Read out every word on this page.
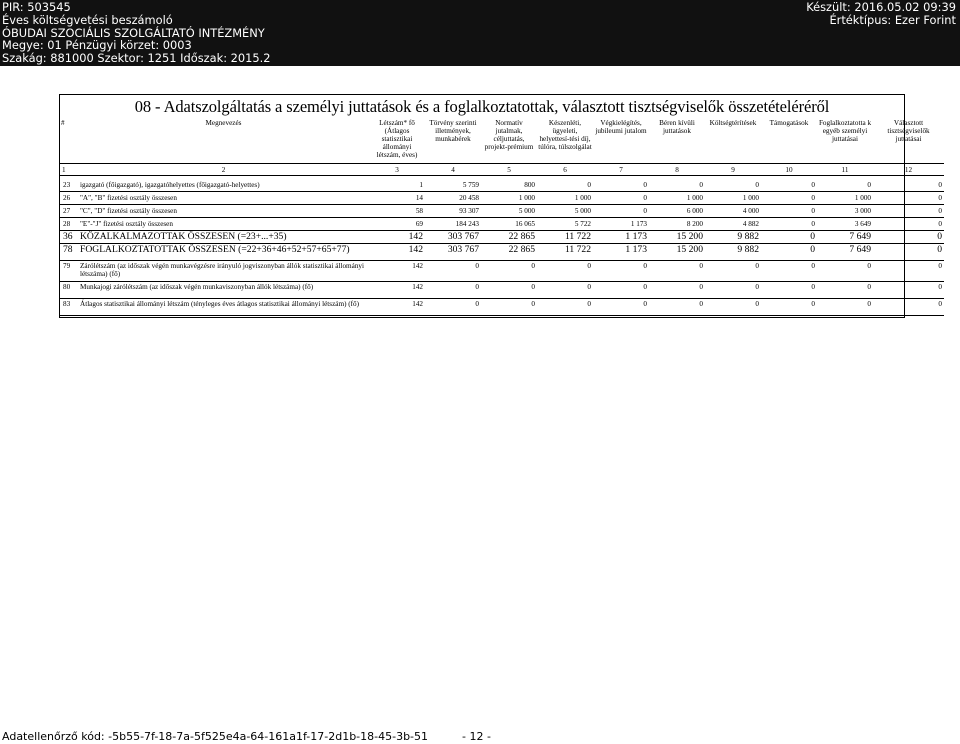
PIR: 503545
Éves költségvetési beszámoló
ÓBUDAI SZOCIÁLIS SZOLGÁLTATÓ INTÉZMÉNY
Megye: 01 Pénzügyi körzet: 0003
Szakág: 881000 Szektor: 1251 Időszak: 2015.2
Készült: 2016.05.02 09:39
Értéktípus: Ezer Forint
08 - Adatszolgáltatás a személyi juttatások és a foglalkoztatottak, választott tisztségviselők összetételéréről
#	Megnevezés	Létszám* fő (Átlagos statisztikai állományi létszám, éves)	Törvény szerinti illetmények, munkabérek	Normatív jutalmak, céljuttatás, projekt-prémium	Készenléti, ügyeleti, helyettesí-tési díj, túlóra, túlszolgálat	Végkielégítés, jubileumi jutalom	Béren kívüli juttatások	Költségtérítések	Támogatások	Foglalkoztatotta k egyéb személyi juttatásai	Választott tisztségviselők juttatásai
1	2	3	4	5	6	7	8	9	10	11	12

23	igazgató (főigazgató), igazgatóhelyettes (főigazgató-helyettes)	1	5 759	800	0	0	0	0	0	0	0
26	"A", "B" fizetési osztály összesen	14	20 458	1 000	1 000	0	1 000	1 000	0	1 000	0
27	"C", "D" fizetési osztály összesen	58	93 307	5 000	5 000	0	6 000	4 000	0	3 000	0
28	"E"-"J" fizetési osztály összesen	69	184 243	16 065	5 722	1 173	8 200	4 882	0	3 649	0
36	KÖZALKALMAZOTTAK ÖSSZESEN (=23+...+35)	142	303 767	22 865	11 722	1 173	15 200	9 882	0	7 649	0
78	FOGLALKOZTATOTTAK ÖSSZESEN (=22+36+46+52+57+65+77)	142	303 767	22 865	11 722	1 173	15 200	9 882	0	7 649	0
79	Zárólétszám (az időszak végén munkavégzésre irányuló jogviszonyban állók statisztikai állományi létszáma) (fő)	142	0	0	0	0	0	0	0	0	0
80	Munkajogi zárólétszám (az időszak végén munkaviszonyban állók létszáma) (fő)	142	0	0	0	0	0	0	0	0	0
83	Átlagos statisztikai állományi létszám (tényleges éves átlagos statisztikai állományi létszám) (fő)	142	0	0	0	0	0	0	0	0	0
Adatellenőrző kód: -5b55-7f-18-7a-5f525e4a-64-161a1f-17-2d1b-18-45-3b-51	- 12 -
